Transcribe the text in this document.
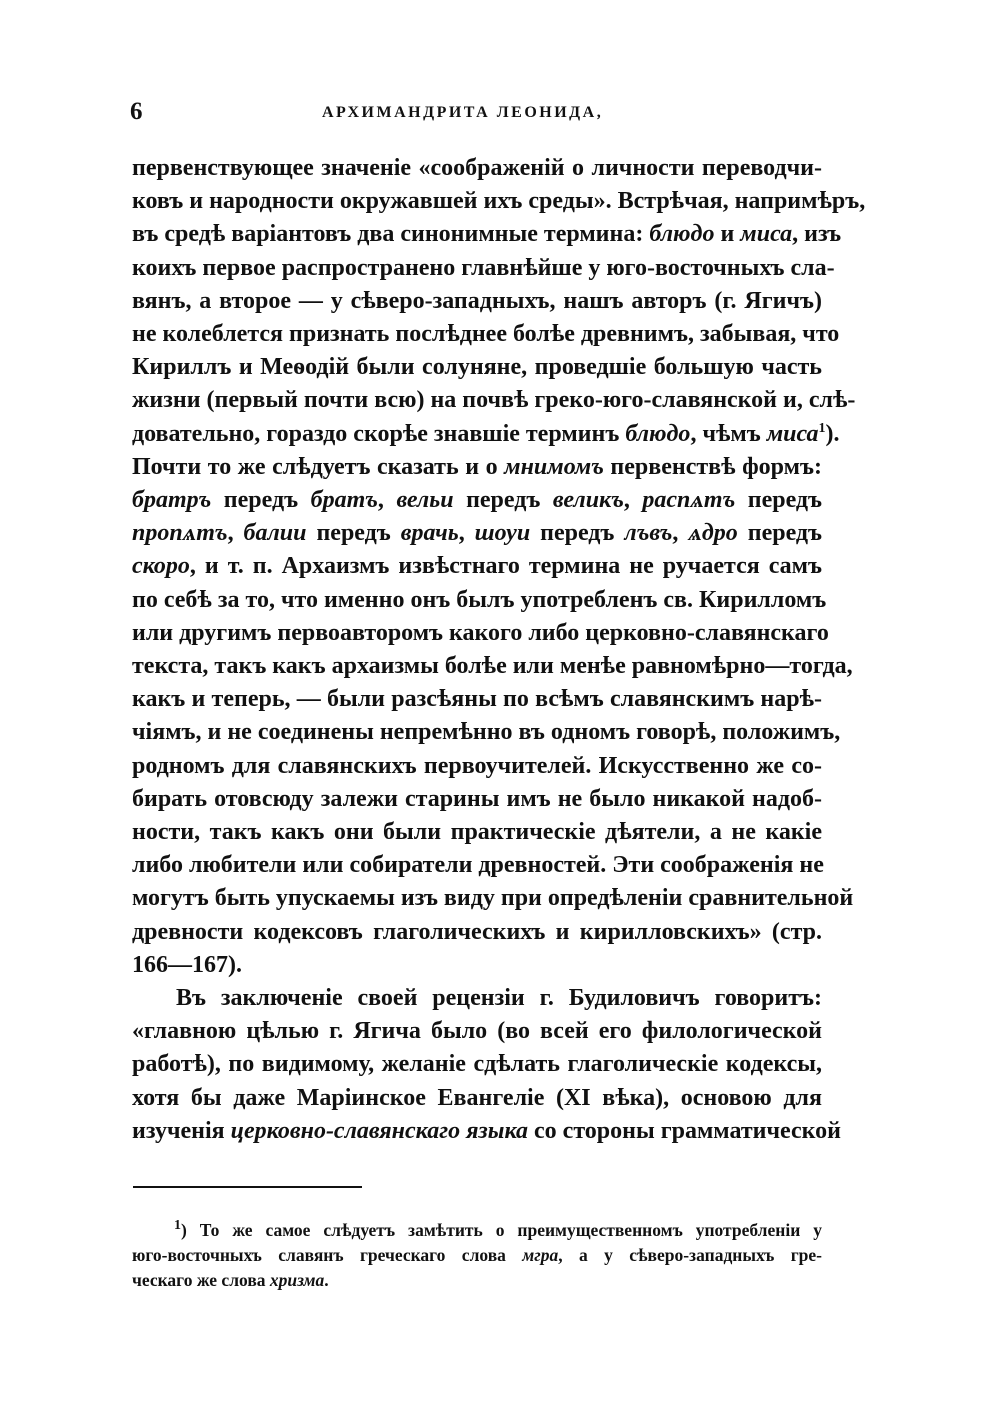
6	АРХИМАНДРИТА ЛЕОНИДА,
первенствующее значеніе «соображеній о личности переводчи-
ковъ и народности окружавшей ихъ среды». Встрѣчая, напримѣръ,
въ средѣ варіантовъ два синонимные термина: блюдо и миса, изъ
коихъ первое распространено главнѣйше у юго-восточныхъ сла-
вянъ, а второе — у сѣверо-западныхъ, нашъ авторъ (г. Ягичъ)
не колеблется признать послѣднее болѣе древнимъ, забывая, что
Кириллъ и Меѳодій были солуняне, проведшіе большую часть
жизни (первый почти всю) на почвѣ греко-юго-славянской и, слѣ-
довательно, гораздо скорѣе знавшіе терминъ блюдо, чѣмъ миса$^1$).
Почти то же слѣдуетъ сказать и о мнимомъ первенствѣ формъ:
братръ передъ братъ, вельи передъ великъ, распѧтъ передъ
пропѧтъ, балии передъ врачь, шоуи передъ лъвъ, ѧдро передъ
скоро, и т. п. Архаизмъ извѣстнаго термина не ручается самъ
по себѣ за то, что именно онъ былъ употребленъ св. Кирилломъ
или другимъ первоавторомъ какого либо церковно-славянскаго
текста, такъ какъ архаизмы болѣе или менѣе равномѣрно—тогда,
какъ и теперь, — были разсѣяны по всѣмъ славянскимъ нарѣ-
чіямъ, и не соединены непремѣнно въ одномъ говорѣ, положимъ,
родномъ для славянскихъ первоучителей. Искусственно же со-
бирать отовсюду залежи старины имъ не было никакой надоб-
ности, такъ какъ они были практическіе дѣятели, а не какіе
либо любители или собиратели древностей. Эти соображенія не
могутъ быть упускаемы изъ виду при опредѣленіи сравнительной
древности кодексовъ глаголическихъ и кирилловскихъ» (стр.
166—167).
Въ заключеніе своей рецензіи г. Будиловичъ говоритъ:
«главною цѣлью г. Ягича было (во всей его филологической
работѣ), по видимому, желаніе сдѣлать глаголическіе кодексы,
хотя бы даже Маріинское Евангеліе (XI вѣка), основою для
изученія церковно-славянскаго языка со стороны грамматической
$^1$) То же самое слѣдуетъ замѣтить о преимущественномъ употребленіи у
юго-восточныхъ славянъ греческаго слова мгра, а у сѣверо-западныхъ гре-
ческаго же слова хризма.
